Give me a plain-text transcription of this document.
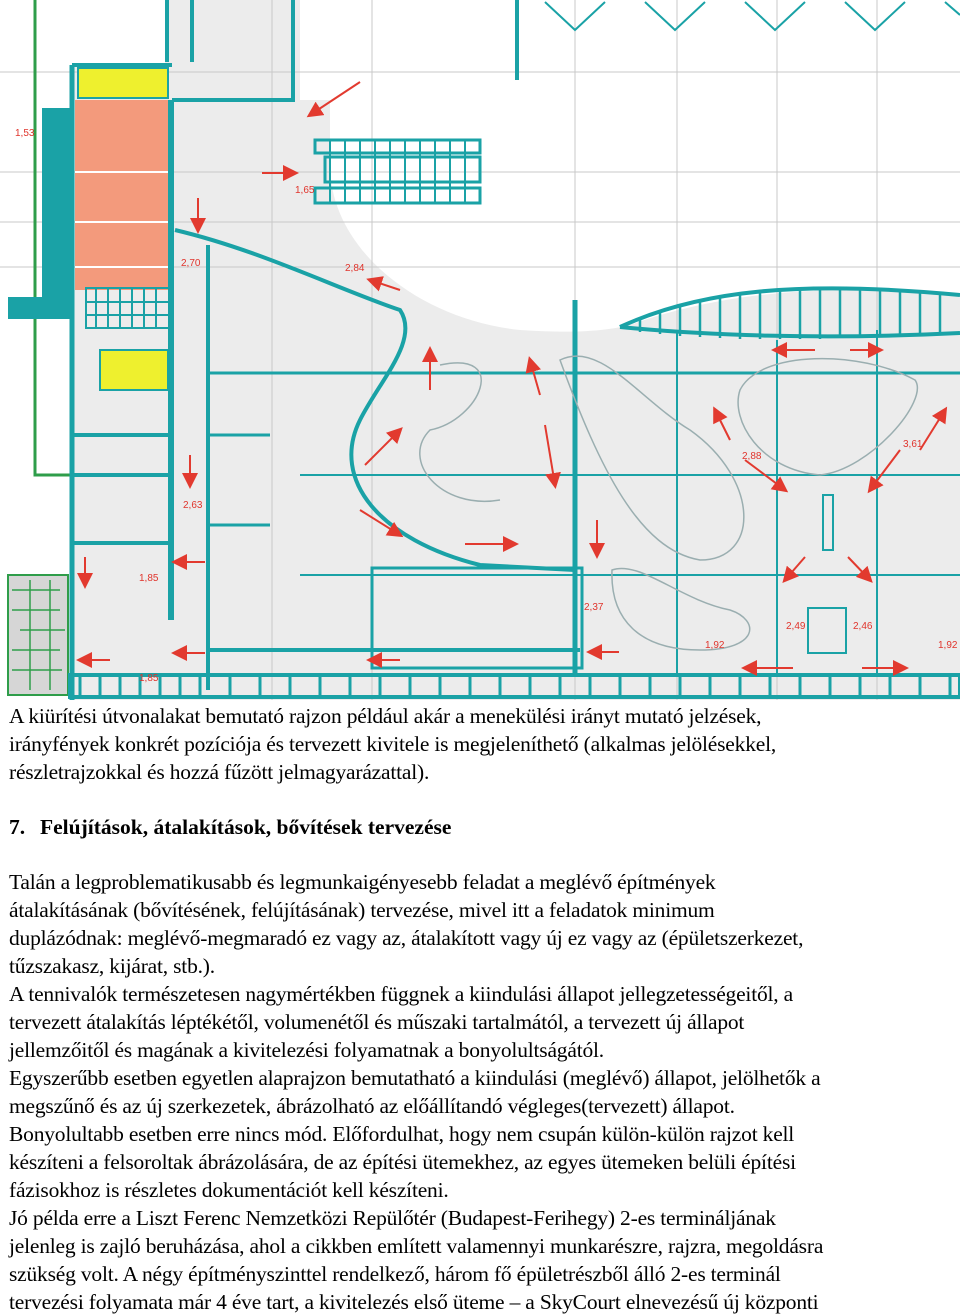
1,53
1,65
2,70	2,84
2,63
1,85
1,85
2,37
1,92
2,49	2,46
1,92
2,88
3,61
A kiürítési útvonalakat bemutató rajzon például akár a menekülési irányt mutató jelzések,
irányfények konkrét pozíciója és tervezett kivitele is megjeleníthető (alkalmas jelölésekkel,
részletrajzokkal és hozzá fűzött jelmagyarázattal).
7. Felújítások, átalakítások, bővítések tervezése
Talán a legproblematikusabb és legmunkaigényesebb feladat a meglévő építmények
átalakításának (bővítésének, felújításának) tervezése, mivel itt a feladatok minimum
duplázódnak: meglévő-megmaradó ez vagy az, átalakított vagy új ez vagy az (épületszerkezet,
tűzszakasz, kijárat, stb.).
A tennivalók természetesen nagymértékben függnek a kiindulási állapot jellegzetességeitől, a
tervezett átalakítás léptékétől, volumenétől és műszaki tartalmától, a tervezett új állapot
jellemzőitől és magának a kivitelezési folyamatnak a bonyolultságától.
Egyszerűbb esetben egyetlen alaprajzon bemutatható a kiindulási (meglévő) állapot, jelölhetők a
megszűnő és az új szerkezetek, ábrázolható az előállítandó végleges(tervezett) állapot.
Bonyolultabb esetben erre nincs mód. Előfordulhat, hogy nem csupán külön-külön rajzot kell
készíteni a felsoroltak ábrázolására, de az építési ütemekhez, az egyes ütemeken belüli építési
fázisokhoz is részletes dokumentációt kell készíteni.
Jó példa erre a Liszt Ferenc Nemzetközi Repülőtér (Budapest-Ferihegy) 2-es termináljának
jelenleg is zajló beruházása, ahol a cikkben említett valamennyi munkarészre, rajzra, megoldásra
szükség volt. A négy építményszinttel rendelkező, három fő épületrészből álló 2-es terminál
tervezési folyamata már 4 éve tart, a kivitelezés első üteme – a SkyCourt elnevezésű új központi
